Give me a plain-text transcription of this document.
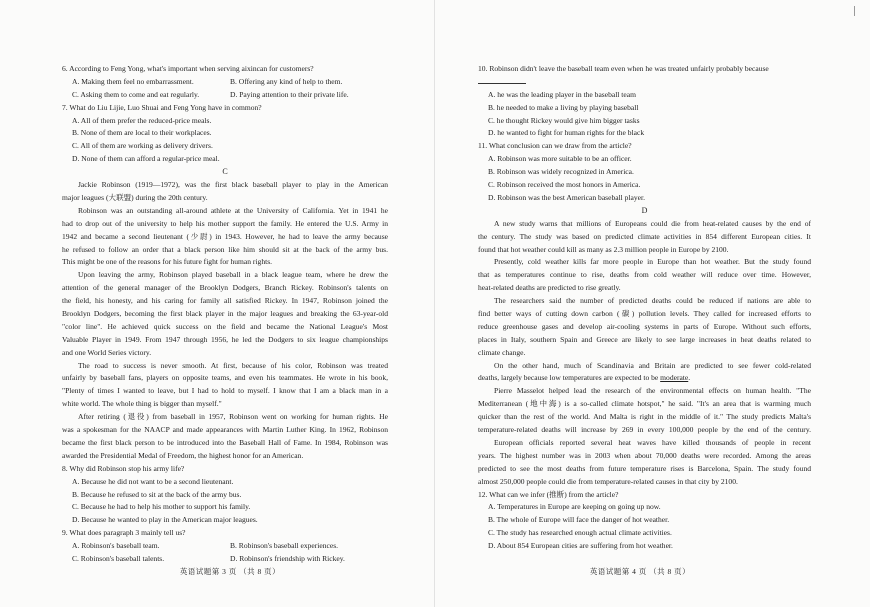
6. According to Feng Yong, what's important when serving aixincan for customers?
A. Making them feel no embarrassment.	B. Offering any kind of help to them.
C. Asking them to come and eat regularly.	D. Paying attention to their private life.
7. What do Liu Lijie, Luo Shuai and Feng Yong have in common?
A. All of them prefer the reduced-price meals.
B. None of them are local to their workplaces.
C. All of them are working as delivery drivers.
D. None of them can afford a regular-price meal.
C
Jackie Robinson (1919—1972), was the first black baseball player to play in the American
major leagues (大联盟) during the 20th century.
Robinson was an outstanding all-around athlete at the University of California. Yet in 1941 he
had to drop out of the university to help his mother support the family. He entered the U.S. Army in
1942 and became a second lieutenant (少尉) in 1943. However, he had to leave the army because
he refused to follow an order that a black person like him should sit at the back of the army bus.
This might be one of the reasons for his future fight for human rights.
Upon leaving the army, Robinson played baseball in a black league team, where he drew the
attention of the general manager of the Brooklyn Dodgers, Branch Rickey. Robinson's talents on
the field, his honesty, and his caring for family all satisfied Rickey. In 1947, Robinson joined the
Brooklyn Dodgers, becoming the first black player in the major leagues and breaking the 63-year-old
"color line". He achieved quick success on the field and became the National League's Most
Valuable Player in 1949. From 1947 through 1956, he led the Dodgers to six league championships
and one World Series victory.
The road to success is never smooth. At first, because of his color, Robinson was treated
unfairly by baseball fans, players on opposite teams, and even his teammates. He wrote in his book,
"Plenty of times I wanted to leave, but I had to hold to myself. I know that I am a black man in a
white world. The whole thing is bigger than myself."
After retiring (退役) from baseball in 1957, Robinson went on working for human rights. He
was a spokesman for the NAACP and made appearances with Martin Luther King. In 1962, Robinson
became the first black person to be introduced into the Baseball Hall of Fame. In 1984, Robinson was
awarded the Presidential Medal of Freedom, the highest honor for an American.
8. Why did Robinson stop his army life?
A. Because he did not want to be a second lieutenant.
B. Because he refused to sit at the back of the army bus.
C. Because he had to help his mother to support his family.
D. Because he wanted to play in the American major leagues.
9. What does paragraph 3 mainly tell us?
A. Robinson's baseball team.	B. Robinson's baseball experiences.
C. Robinson's baseball talents.	D. Robinson's friendship with Rickey.
英语试题第 3 页 （共 8 页）
10. Robinson didn't leave the baseball team even when he was treated unfairly probably because
A. he was the leading player in the baseball team
B. he needed to make a living by playing baseball
C. he thought Rickey would give him bigger tasks
D. he wanted to fight for human rights for the black
11. What conclusion can we draw from the article?
A. Robinson was more suitable to be an officer.
B. Robinson was widely recognized in America.
C. Robinson received the most honors in America.
D. Robinson was the best American baseball player.
D
A new study warns that millions of Europeans could die from heat-related causes by the end of
the century. The study was based on predicted climate activities in 854 different European cities. It
found that hot weather could kill as many as 2.3 million people in Europe by 2100.
Presently, cold weather kills far more people in Europe than hot weather. But the study found
that as temperatures continue to rise, deaths from cold weather will reduce over time. However,
heat-related deaths are predicted to rise greatly.
The researchers said the number of predicted deaths could be reduced if nations are able to
find better ways of cutting down carbon (碳) pollution levels. They called for increased efforts to
reduce greenhouse gases and develop air-cooling systems in parts of Europe. Without such efforts,
places in Italy, southern Spain and Greece are likely to see large increases in heat deaths related to
climate change.
On the other hand, much of Scandinavia and Britain are predicted to see fewer cold-related
deaths, largely because low temperatures are expected to be moderate.
Pierre Masselot helped lead the research of the environmental effects on human health. "The
Mediterranean (地中海) is a so-called climate hotspot," he said. "It's an area that is warming much
quicker than the rest of the world. And Malta is right in the middle of it." The study predicts Malta's
temperature-related deaths will increase by 269 in every 100,000 people by the end of the century.
European officials reported several heat waves have killed thousands of people in recent
years. The highest number was in 2003 when about 70,000 deaths were recorded. Among the areas
predicted to see the most deaths from future temperature rises is Barcelona, Spain. The study found
almost 250,000 people could die from temperature-related causes in that city by 2100.
12. What can we infer (推断) from the article?
A. Temperatures in Europe are keeping on going up now.
B. The whole of Europe will face the danger of hot weather.
C. The study has researched enough actual climate activities.
D. About 854 European cities are suffering from hot weather.
英语试题第 4 页 （共 8 页）
